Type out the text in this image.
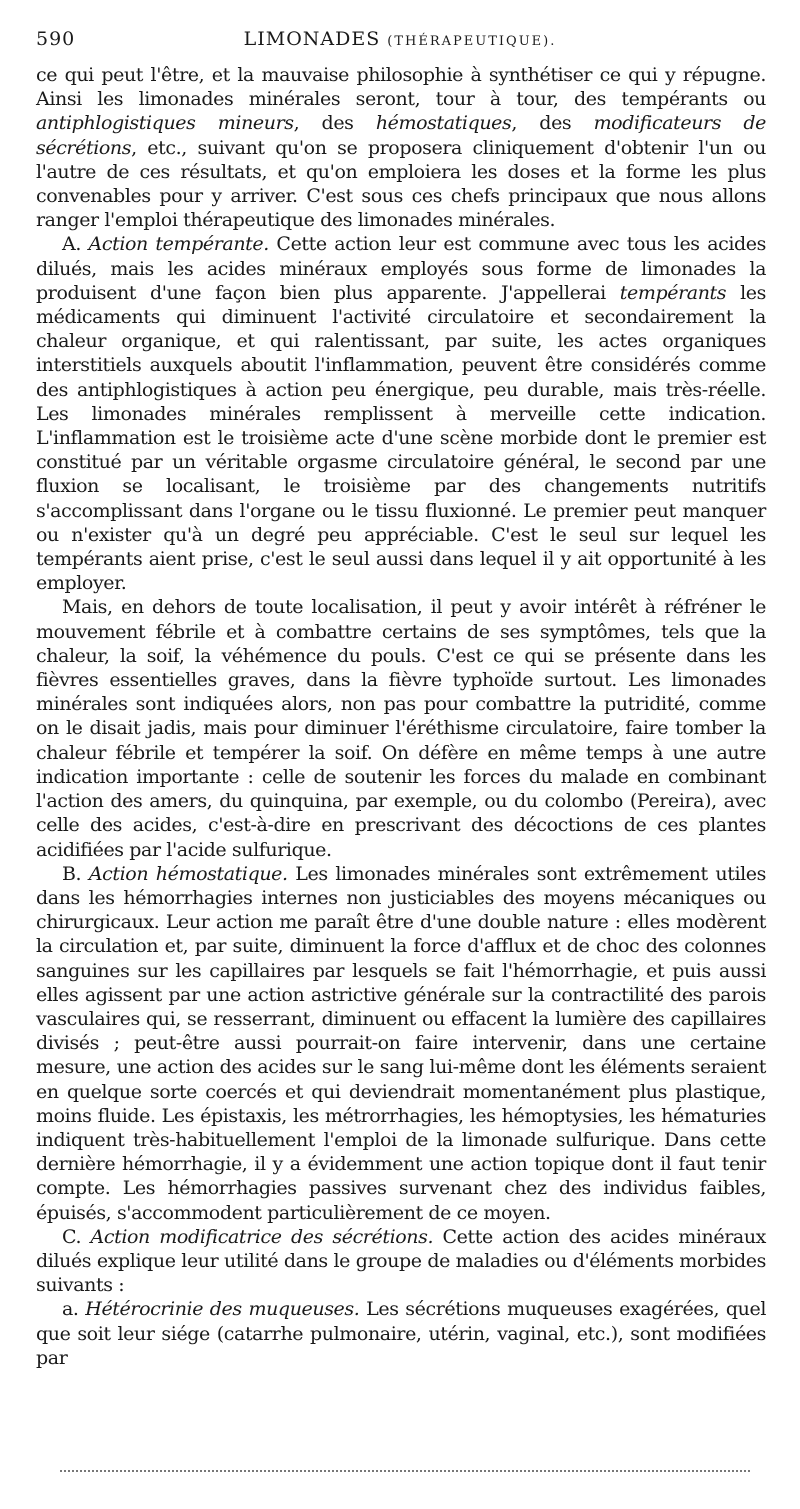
590	LIMONADES (THÉRAPEUTIQUE).

ce qui peut l'être, et la mauvaise philosophie à synthétiser ce qui y répugne. Ainsi les limonades minérales seront, tour à tour, des tempérants ou antiphlogistiques mineurs, des hémostatiques, des modificateurs de sécrétions, etc., suivant qu'on se proposera cliniquement d'obtenir l'un ou l'autre de ces résultats, et qu'on emploiera les doses et la forme les plus convenables pour y arriver. C'est sous ces chefs principaux que nous allons ranger l'emploi thérapeutique des limonades minérales.

A. Action tempérante. Cette action leur est commune avec tous les acides dilués, mais les acides minéraux employés sous forme de limonades la produisent d'une façon bien plus apparente. J'appellerai tempérants les médicaments qui diminuent l'activité circulatoire et secondairement la chaleur organique, et qui ralentissant, par suite, les actes organiques interstitiels auxquels aboutit l'inflammation, peuvent être considérés comme des antiphlogistiques à action peu énergique, peu durable, mais très-réelle. Les limonades minérales remplissent à merveille cette indication. L'inflammation est le troisième acte d'une scène morbide dont le premier est constitué par un véritable orgasme circulatoire général, le second par une fluxion se localisant, le troisième par des changements nutritifs s'accomplissant dans l'organe ou le tissu fluxionné. Le premier peut manquer ou n'exister qu'à un degré peu appréciable. C'est le seul sur lequel les tempérants aient prise, c'est le seul aussi dans lequel il y ait opportunité à les employer.

Mais, en dehors de toute localisation, il peut y avoir intérêt à réfréner le mouvement fébrile et à combattre certains de ses symptômes, tels que la chaleur, la soif, la véhémence du pouls. C'est ce qui se présente dans les fièvres essentielles graves, dans la fièvre typhoïde surtout. Les limonades minérales sont indiquées alors, non pas pour combattre la putridité, comme on le disait jadis, mais pour diminuer l'éréthisme circulatoire, faire tomber la chaleur fébrile et tempérer la soif. On défère en même temps à une autre indication importante : celle de soutenir les forces du malade en combinant l'action des amers, du quinquina, par exemple, ou du colombo (Pereira), avec celle des acides, c'est-à-dire en prescrivant des décoctions de ces plantes acidifiées par l'acide sulfurique.

B. Action hémostatique. Les limonades minérales sont extrêmement utiles dans les hémorrhagies internes non justiciables des moyens mécaniques ou chirurgicaux. Leur action me paraît être d'une double nature : elles modèrent la circulation et, par suite, diminuent la force d'afflux et de choc des colonnes sanguines sur les capillaires par lesquels se fait l'hémorrhagie, et puis aussi elles agissent par une action astrictive générale sur la contractilité des parois vasculaires qui, se resserrant, diminuent ou effacent la lumière des capillaires divisés ; peut-être aussi pourrait-on faire intervenir, dans une certaine mesure, une action des acides sur le sang lui-même dont les éléments seraient en quelque sorte coercés et qui deviendrait momentanément plus plastique, moins fluide. Les épistaxis, les métrorrhagies, les hémoptysies, les hématuries indiquent très-habituellement l'emploi de la limonade sulfurique. Dans cette dernière hémorrhagie, il y a évidemment une action topique dont il faut tenir compte. Les hémorrhagies passives survenant chez des individus faibles, épuisés, s'accommodent particulièrement de ce moyen.

C. Action modificatrice des sécrétions. Cette action des acides minéraux dilués explique leur utilité dans le groupe de maladies ou d'éléments morbides suivants :

a. Hétérocrinie des muqueuses. Les sécrétions muqueuses exagérées, quel que soit leur siége (catarrhe pulmonaire, utérin, vaginal, etc.), sont modifiées par
